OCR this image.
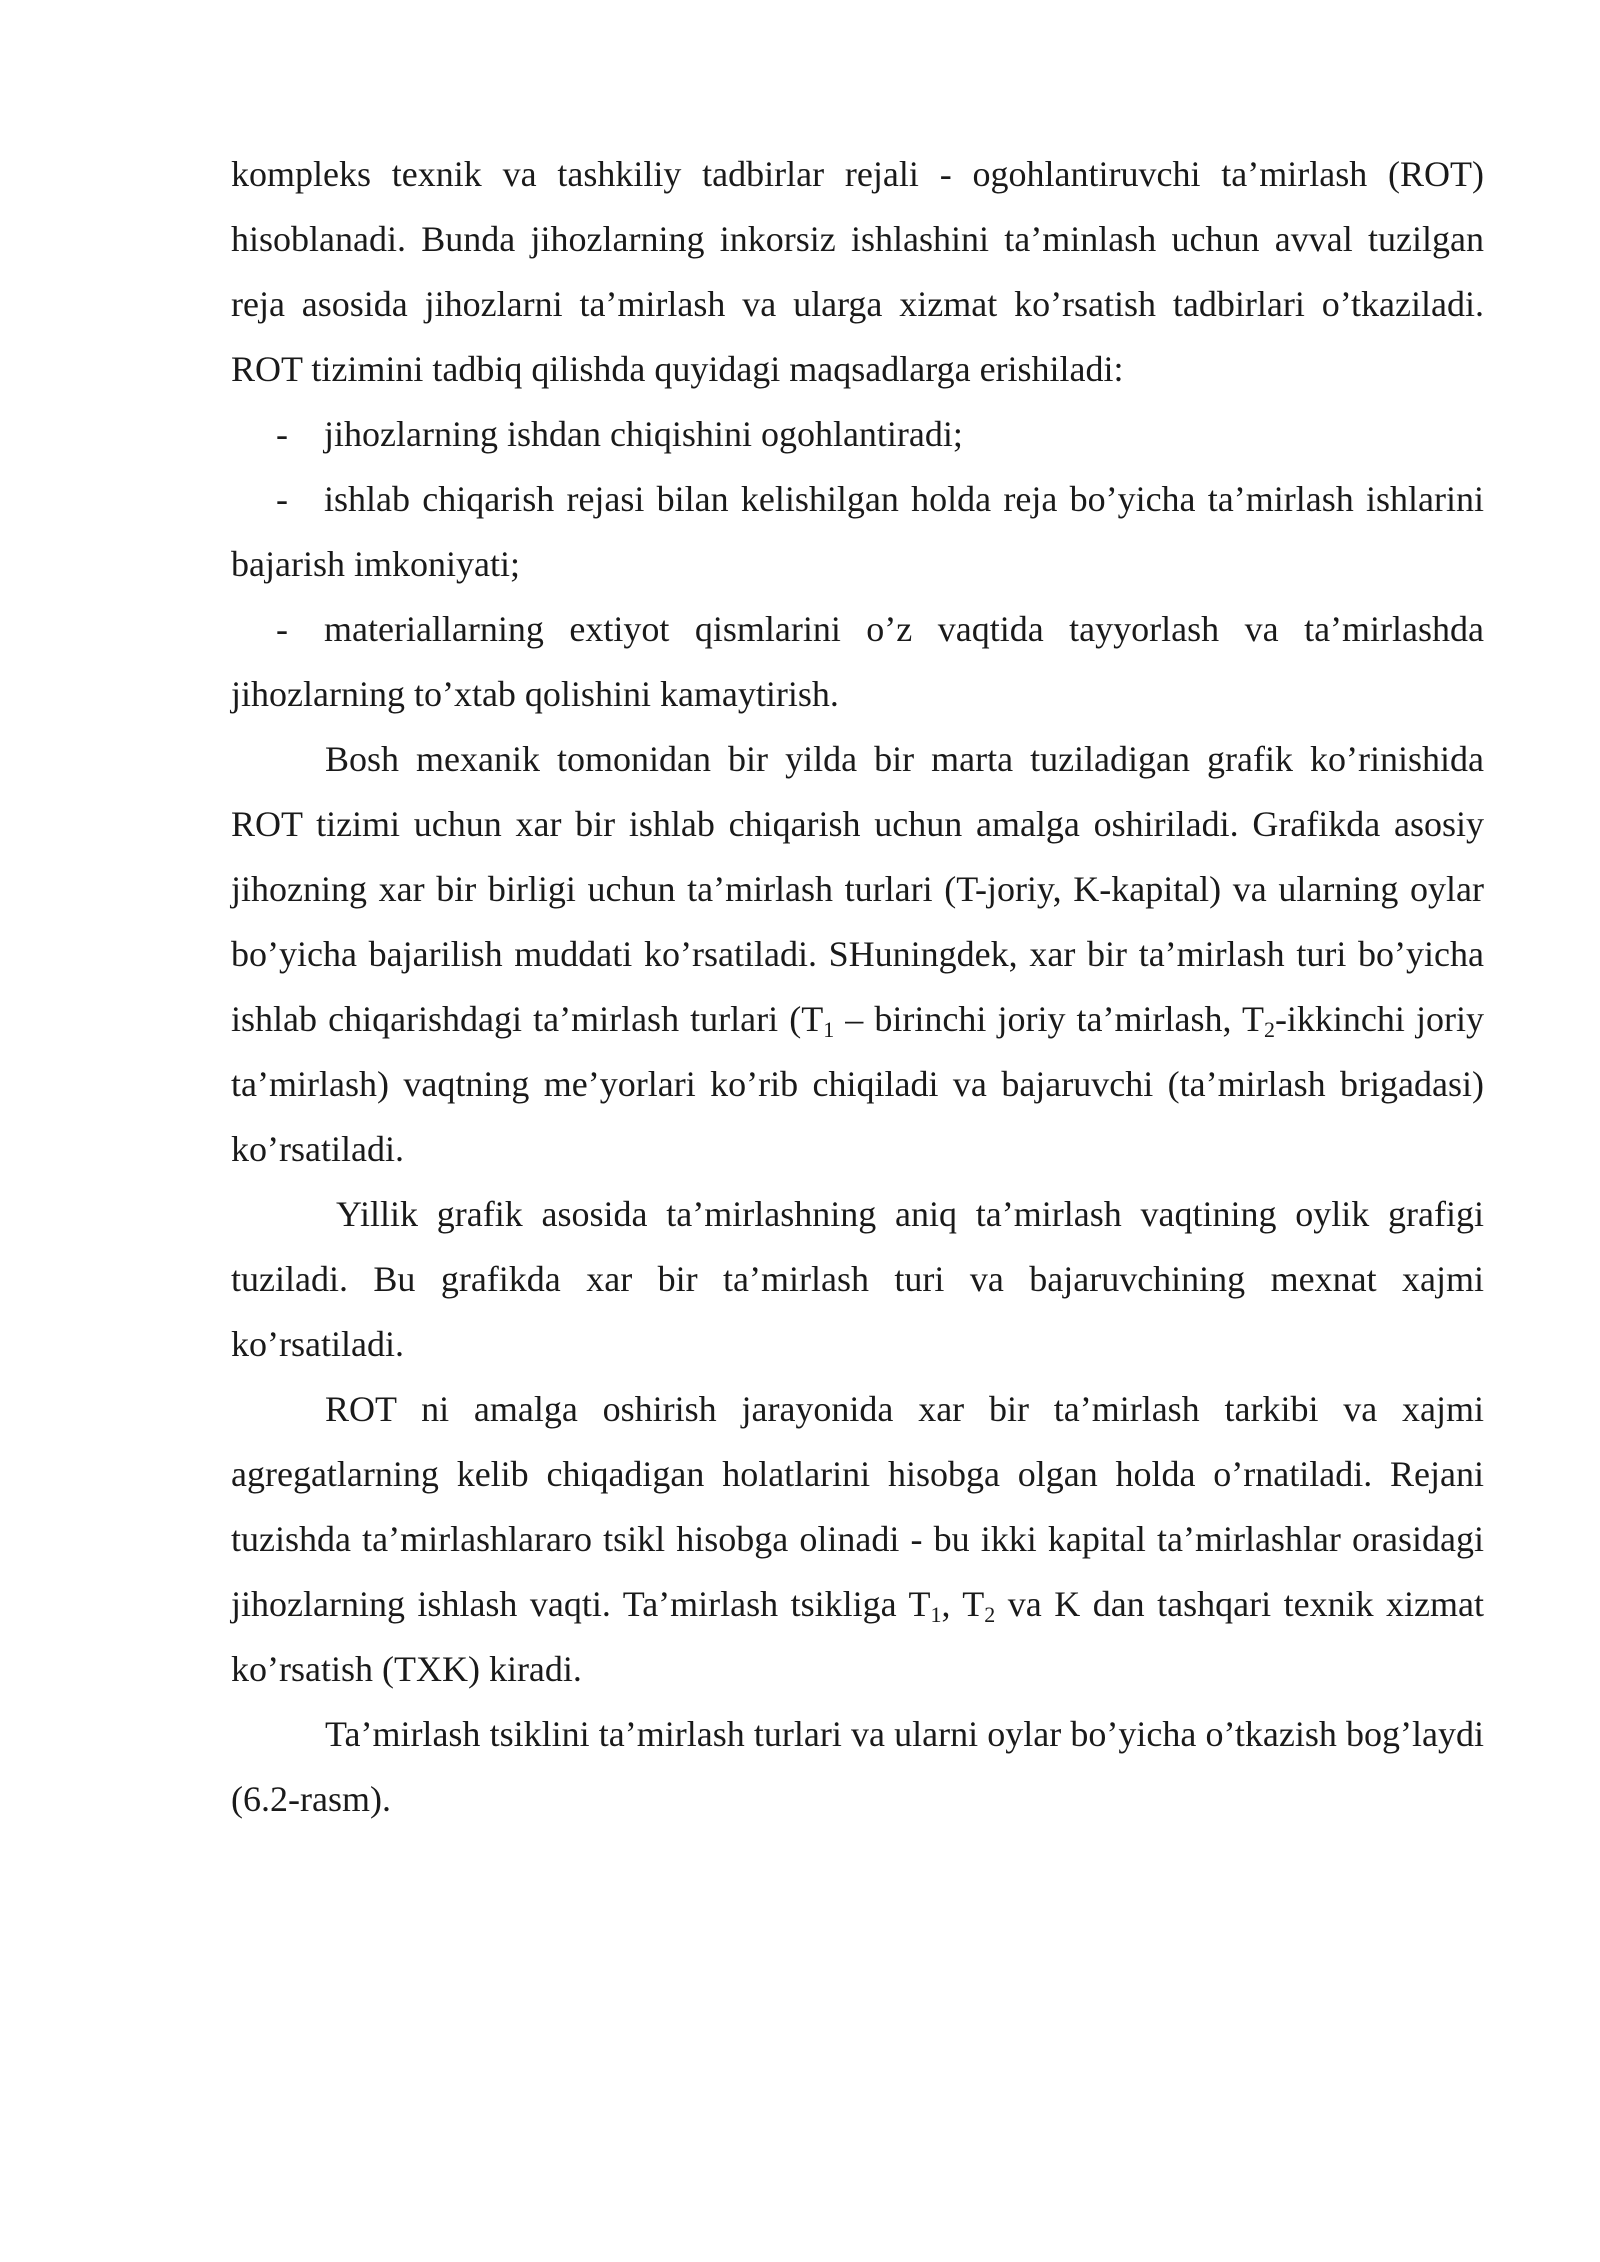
kompleks texnik va tashkiliy tadbirlar rejali - ogohlantiruvchi ta’mirlash (ROT) hisoblanadi. Bunda jihozlarning inkorsiz ishlashini ta’minlash uchun avval tuzilgan reja asosida jihozlarni ta’mirlash va ularga xizmat ko’rsatish tadbirlari o’tkaziladi. ROT tizimini tadbiq qilishda quyidagi maqsadlarga erishiladi:

- jihozlarning ishdan chiqishini ogohlantiradi;

- ishlab chiqarish rejasi bilan kelishilgan holda reja bo’yicha ta’mirlash ishlarini bajarish imkoniyati;

- materiallarning extiyot qismlarini o’z vaqtida tayyorlash va ta’mirlashda jihozlarning to’xtab qolishini kamaytirish.

Bosh mexanik tomonidan bir yilda bir marta tuziladigan grafik ko’rinishida ROT tizimi uchun xar bir ishlab chiqarish uchun amalga oshiriladi. Grafikda asosiy jihozning xar bir birligi uchun ta’mirlash turlari (T-joriy, K-kapital) va ularning oylar bo’yicha bajarilish muddati ko’rsatiladi. SHuningdek, xar bir ta’mirlash turi bo’yicha ishlab chiqarishdagi ta’mirlash turlari ($T_1$ – birinchi joriy ta’mirlash, $T_2$-ikkinchi joriy ta’mirlash) vaqtning me’yorlari ko’rib chiqiladi va bajaruvchi (ta’mirlash brigadasi) ko’rsatiladi.

Yillik grafik asosida ta’mirlashning aniq ta’mirlash vaqtining oylik grafigi tuziladi. Bu grafikda xar bir ta’mirlash turi va bajaruvchining mexnat xajmi ko’rsatiladi.

ROT ni amalga oshirish jarayonida xar bir ta’mirlash tarkibi va xajmi agregatlarning kelib chiqadigan holatlarini hisobga olgan holda o’rnatiladi. Rejani tuzishda ta’mirlashlararo tsikl hisobga olinadi - bu ikki kapital ta’mirlashlar orasidagi jihozlarning ishlash vaqti. Ta’mirlash tsikliga $T_1$, $T_2$ va K dan tashqari texnik xizmat ko’rsatish (TXK) kiradi.

Ta’mirlash tsiklini ta’mirlash turlari va ularni oylar bo’yicha o’tkazish bog’laydi (6.2-rasm).
